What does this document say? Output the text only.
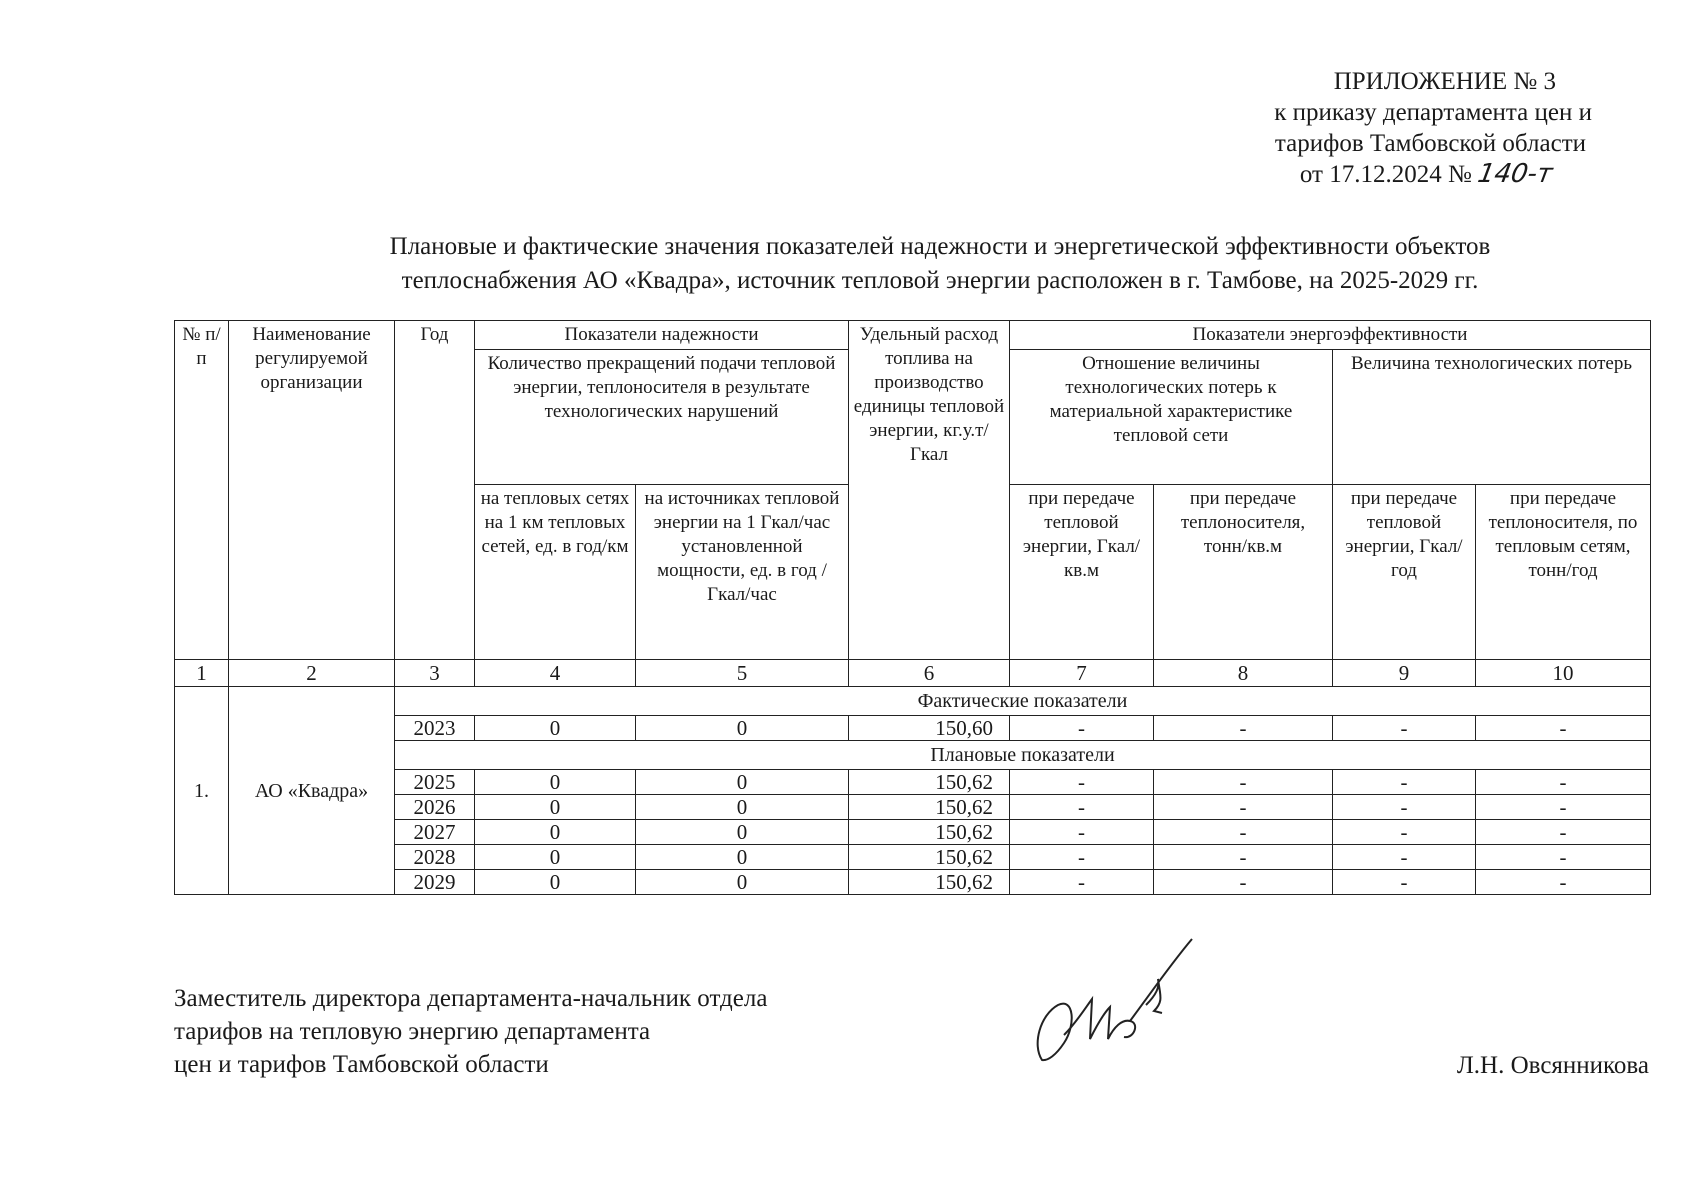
ПРИЛОЖЕНИЕ № 3
к приказу департамента цен и
тарифов Тамбовской области
от 17.12.2024 № 140-т
Плановые и фактические значения показателей надежности и энергетической эффективности объектов
теплоснабжения АО «Квадра», источник тепловой энергии расположен в г. Тамбове, на 2025-2029 гг.
№ п/п	Наименование регулируемой организации	Год	Показатели надежности		Удельный расход топлива на производство единицы тепловой энергии, кг.у.т/Гкал	Показатели энергоэффективности			
			Количество прекращений подачи тепловой энергии, теплоносителя в результате технологических нарушений			Отношение величины технологических потерь к материальной характеристике тепловой сети		Величина технологических потерь	
			на тепловых сетях на 1 км тепловых сетей, ед. в год/км	на источниках тепловой энергии на 1 Гкал/час установленной мощности, ед. в год /Гкал/час		при передаче тепловой энергии, Гкал/кв.м	при передаче теплоносителя, тонн/кв.м	при передаче тепловой энергии, Гкал/год	при передаче теплоносителя, по тепловым сетям, тонн/год
1	2	3	4	5	6	7	8	9	10
1.	АО «Квадра»	Фактические показатели							
		2023	0	0	150,60	-	-	-	-
		Плановые показатели							
		2025	0	0	150,62	-	-	-	-
		2026	0	0	150,62	-	-	-	-
		2027	0	0	150,62	-	-	-	-
		2028	0	0	150,62	-	-	-	-
		2029	0	0	150,62	-	-	-	-
Заместитель директора департамента-начальник отдела
тарифов на тепловую энергию департамента
цен и тарифов Тамбовской области	Л.Н. Овсянникова
